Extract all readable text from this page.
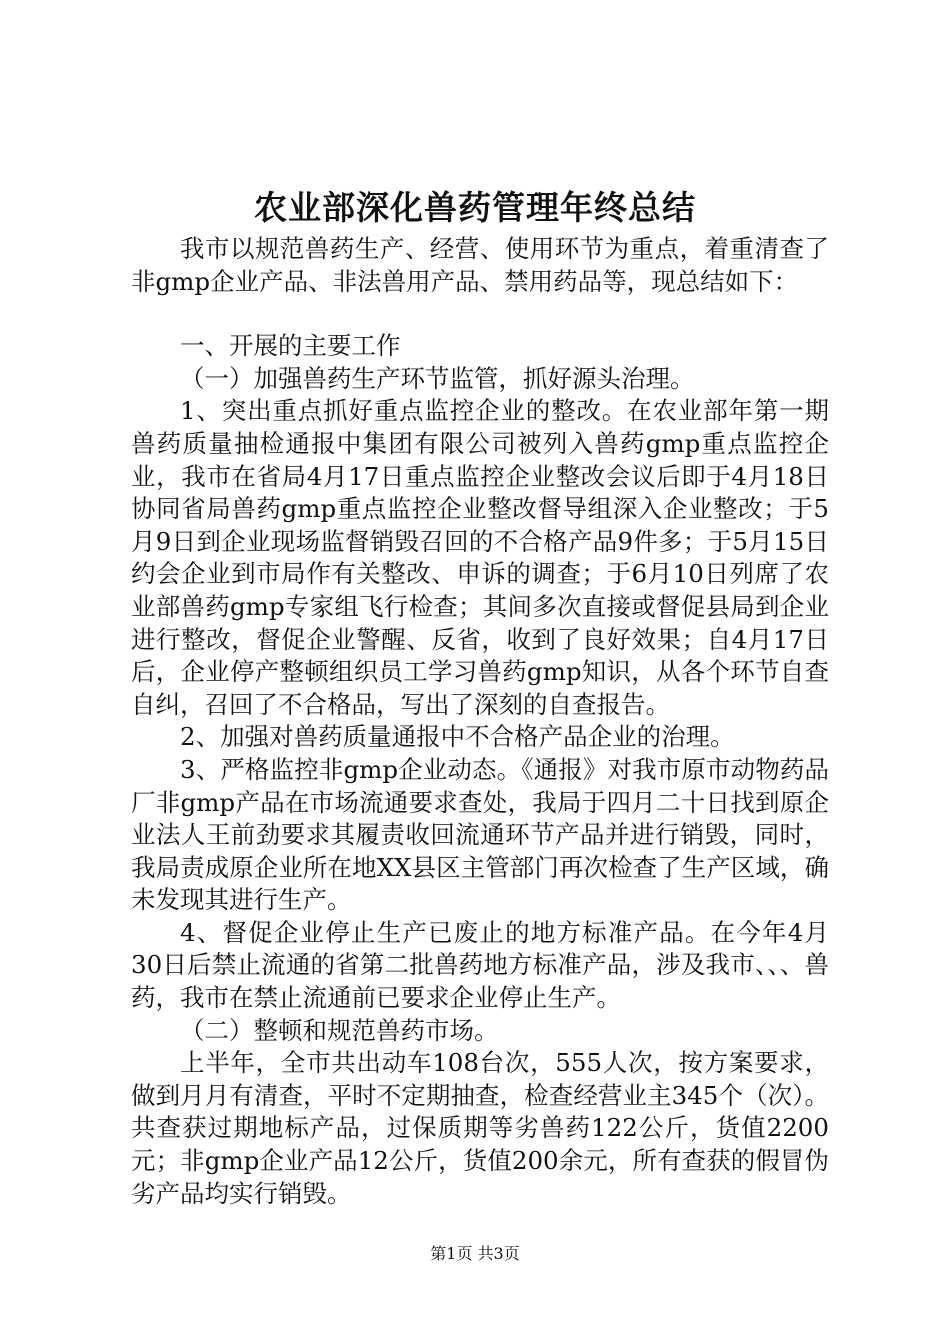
农业部深化兽药管理年终总结

我市以规范兽药生产、经营、使用环节为重点，着重清查了非gmp企业产品、非法兽用产品、禁用药品等，现总结如下：

一、开展的主要工作

（一）加强兽药生产环节监管，抓好源头治理。

1、突出重点抓好重点监控企业的整改。在农业部年第一期兽药质量抽检通报中集团有限公司被列入兽药gmp重点监控企业，我市在省局4月17日重点监控企业整改会议后即于4月18日协同省局兽药gmp重点监控企业整改督导组深入企业整改；于5月9日到企业现场监督销毁召回的不合格产品9件多；于5月15日约会企业到市局作有关整改、申诉的调查；于6月10日列席了农业部兽药gmp专家组飞行检查；其间多次直接或督促县局到企业进行整改，督促企业警醒、反省，收到了良好效果；自4月17日后，企业停产整顿组织员工学习兽药gmp知识，从各个环节自查自纠，召回了不合格品，写出了深刻的自查报告。

2、加强对兽药质量通报中不合格产品企业的治理。

3、严格监控非gmp企业动态。《通报》对我市原市动物药品厂非gmp产品在市场流通要求查处，我局于四月二十日找到原企业法人王前劲要求其履责收回流通环节产品并进行销毁，同时，我局责成原企业所在地XX县区主管部门再次检查了生产区域，确未发现其进行生产。

4、督促企业停止生产已废止的地方标准产品。在今年4月30日后禁止流通的省第二批兽药地方标准产品，涉及我市、、、兽药，我市在禁止流通前已要求企业停止生产。

（二）整顿和规范兽药市场。

上半年，全市共出动车108台次，555人次，按方案要求，做到月月有清查，平时不定期抽查，检查经营业主345个（次）。共查获过期地标产品，过保质期等劣兽药122公斤，货值2200元；非gmp企业产品12公斤，货值200余元，所有查获的假冒伪劣产品均实行销毁。

第1页 共3页
